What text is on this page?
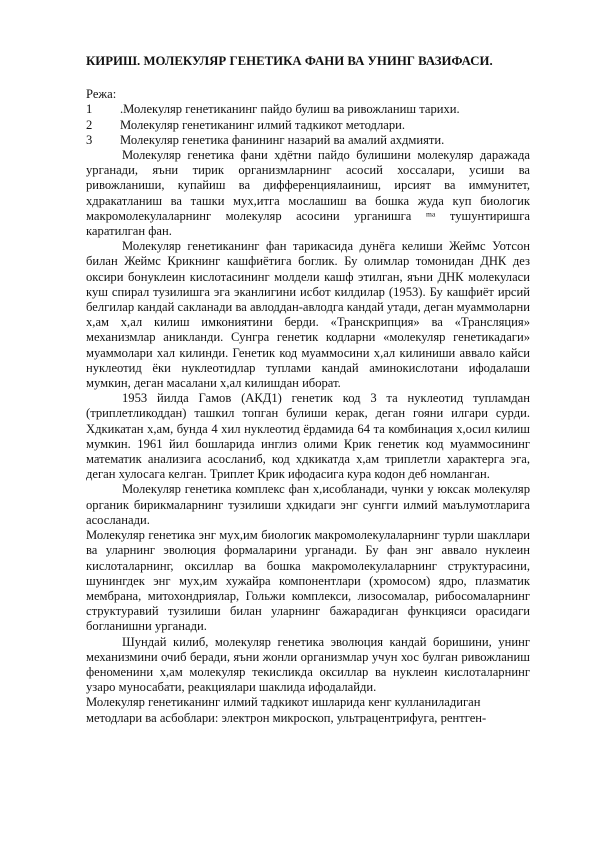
КИРИШ. МОЛЕКУЛЯР ГЕНЕТИКА ФАНИ ВА УНИНГ ВАЗИФАСИ.
Режа:
1	.Молекуляр генетиканинг пайдо булиш ва ривожланиш тарихи.
2	Молекуляр генетиканинг илмий тадкикот методлари.
3	Молекуляр генетика фанининг назарий ва амалий ахдмияти.

Молекуляр генетика фани хдётни пайдо булишини молекуляр даражада урганади, яъни тирик организмларнинг асосий хоссалари, усиши ва ривожланиши, купайиш ва дифференциялаиниш, ирсият ва иммунитет, хдракатланиш ва ташки мух,итга мослашиш ва бошка жуда куп биологик макромолекулаларнинг молекуляр асосини урганишга ᵐᵃ тушунтиришга каратилган фан.

Молекуляр генетиканинг фан тарикасида дунёга келиши Жеймс Уотсон билан Жеймс Крикнинг кашфиётига боглик. Бу олимлар томонидан ДНК дез оксири бонуклеин кислотасининг молдели кашф этилган, яъни ДНК молекуласи куш спирал тузилишга эга эканлигини исбот килдилар (1953). Бу кашфиёт ирсий белгилар кандай сакланади ва авлоддан-авлодга кандай утади, деган муаммоларни х,ам х,ал килиш имкониятини берди. «Транскрипция» ва «Трансляция» механизмлар аникланди. Сунгра генетик кодларни «молекуляр генетикадаги» муаммолари хал килинди. Генетик код муаммосини х,ал килиниши аввало кайси нуклеотид ёки нуклеотидлар туплами кандай аминокислотани ифодалаши мумкин, деган масалани х,ал килишдан иборат.

1953 йилда Гамов (АКД1) генетик код 3 та нуклеотид тупламдан (триплетликоддан) ташкил топган булиши керак, деган гояни илгари сурди. Хдкикатан х,ам, бунда 4 хил нуклеотид ёрдамида 64 та комбинация х,осил килиш мумкин. 1961 йил бошларида инглиз олими Крик генетик код муаммосининг математик анализига асосланиб, код хдкикатда х,ам триплетли характерга эга, деган хулосага келган. Триплет Крик ифодасига кура кодон деб номланган.

Молекуляр генетика комплекс фан х,исобланади, чунки у юксак молекуляр органик бирикмаларнинг тузилиши хдкидаги энг сунгги илмий маълумотларига асосланади.

Молекуляр генетика энг мух,им биологик макромолекулаларнинг турли шакллари ва уларнинг эволюция формаларини урганади. Бу фан энг аввало нуклеин кислоталарнинг, оксиллар ва бошка макромолекулаларнинг структурасини, шунингдек энг мух,им хужайра компонентлари (хромосом) ядро, плазматик мембрана, митохондриялар, Гольжи комплекси, лизосомалар, рибосомаларнинг структуравий тузилиши билан уларнинг бажарадиган функцияси орасидаги богланишни урганади.

Шундай килиб, молекуляр генетика эволюция кандай боришини, унинг механизмини очиб беради, яъни жонли организмлар учун хос булган ривожланиш феноменини х,ам молекуляр текисликда оксиллар ва нуклеин кислоталарнинг узаро муносабати, реакциялари шаклида ифодалайди.

Молекуляр генетиканинг илмий тадкикот ишларида кенг кулланиладиган
методлари ва асбоблари: электрон микроскоп, ультрацентрифуга, рентген-
